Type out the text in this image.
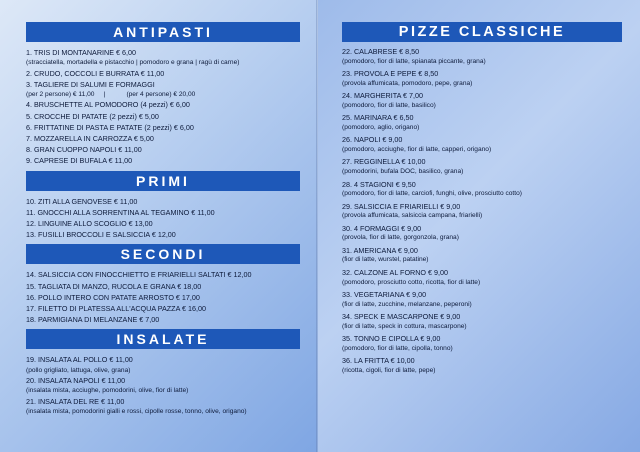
ANTIPASTI
1. TRIS DI MONTANARINE € 6,00
(stracciatella, mortadella e pistacchio | pomodoro e grana | ragù di carne)
2. CRUDO, COCCOLI E BURRATA € 11,00
3. TAGLIERE DI SALUMI E FORMAGGI
(per 2 persone) € 11,00 |	(per 4 persone) € 20,00
4. BRUSCHETTE AL POMODORO (4 pezzi) € 6,00
5. CROCCHE DI PATATE (2 pezzi) € 5,00
6. FRITTATINE DI PASTA E PATATE (2 pezzi) € 6,00
7. MOZZARELLA IN CARROZZA € 5,00
8. GRAN CUOPPO NAPOLI € 11,00
9. CAPRESE DI BUFALA € 11,00
PRIMI
10. ZITI ALLA GENOVESE € 11,00
11. GNOCCHI ALLA SORRENTINA AL TEGAMINO € 11,00
12. LINGUINE ALLO SCOGLIO € 13,00
13. FUSILLI BROCCOLI E SALSICCIA € 12,00
SECONDI
14. SALSICCIA CON FINOCCHIETTO E FRIARIELLI SALTATI € 12,00
15. TAGLIATA DI MANZO, RUCOLA E GRANA € 18,00
16. POLLO INTERO CON PATATE ARROSTO € 17,00
17. FILETTO DI PLATESSA ALL'ACQUA PAZZA € 16,00
18. PARMIGIANA DI MELANZANE € 7,00
INSALATE
19. INSALATA AL POLLO € 11,00
(pollo grigliato, lattuga, olive, grana)
20. INSALATA NAPOLI € 11,00
(insalata mista, acciughe, pomodorini, olive, fior di latte)
21. INSALATA DEL RE € 11,00
(insalata mista, pomodorini gialli e rossi, cipolle rosse, tonno, olive, origano)
PIZZE CLASSICHE
22. CALABRESE € 8,50
(pomodoro, fior di latte, spianata piccante, grana)
23. PROVOLA E PEPE € 8,50
(provola affumicata, pomodoro, pepe, grana)
24. MARGHERITA € 7,00
(pomodoro, fior di latte, basilico)
25. MARINARA € 6,50
(pomodoro, aglio, origano)
26. NAPOLI € 9,00
(pomodoro, acciughe, fior di latte, capperi, origano)
27. REGGINELLA € 10,00
(pomodorini, bufala DOC, basilico, grana)
28. 4 STAGIONI € 9,50
(pomodoro, fior di latte, carciofi, funghi, olive, prosciutto cotto)
29. SALSICCIA E FRIARIELLI € 9,00
(provola affumicata, salsiccia campana, friarielli)
30. 4 FORMAGGI € 9,00
(provola, fior di latte, gorgonzola, grana)
31. AMERICANA € 9,00
(fior di latte, wurstel, patatine)
32. CALZONE AL FORNO € 9,00
(pomodoro, prosciutto cotto, ricotta, fior di latte)
33. VEGETARIANA € 9,00
(fior di latte, zucchine, melanzane, peperoni)
34. SPECK E MASCARPONE € 9,00
(fior di latte, speck in cottura, mascarpone)
35. TONNO E CIPOLLA € 9,00
(pomodoro, fior di latte, cipolla, tonno)
36. LA FRITTA € 10,00
(ricotta, cigoli, fior di latte, pepe)
